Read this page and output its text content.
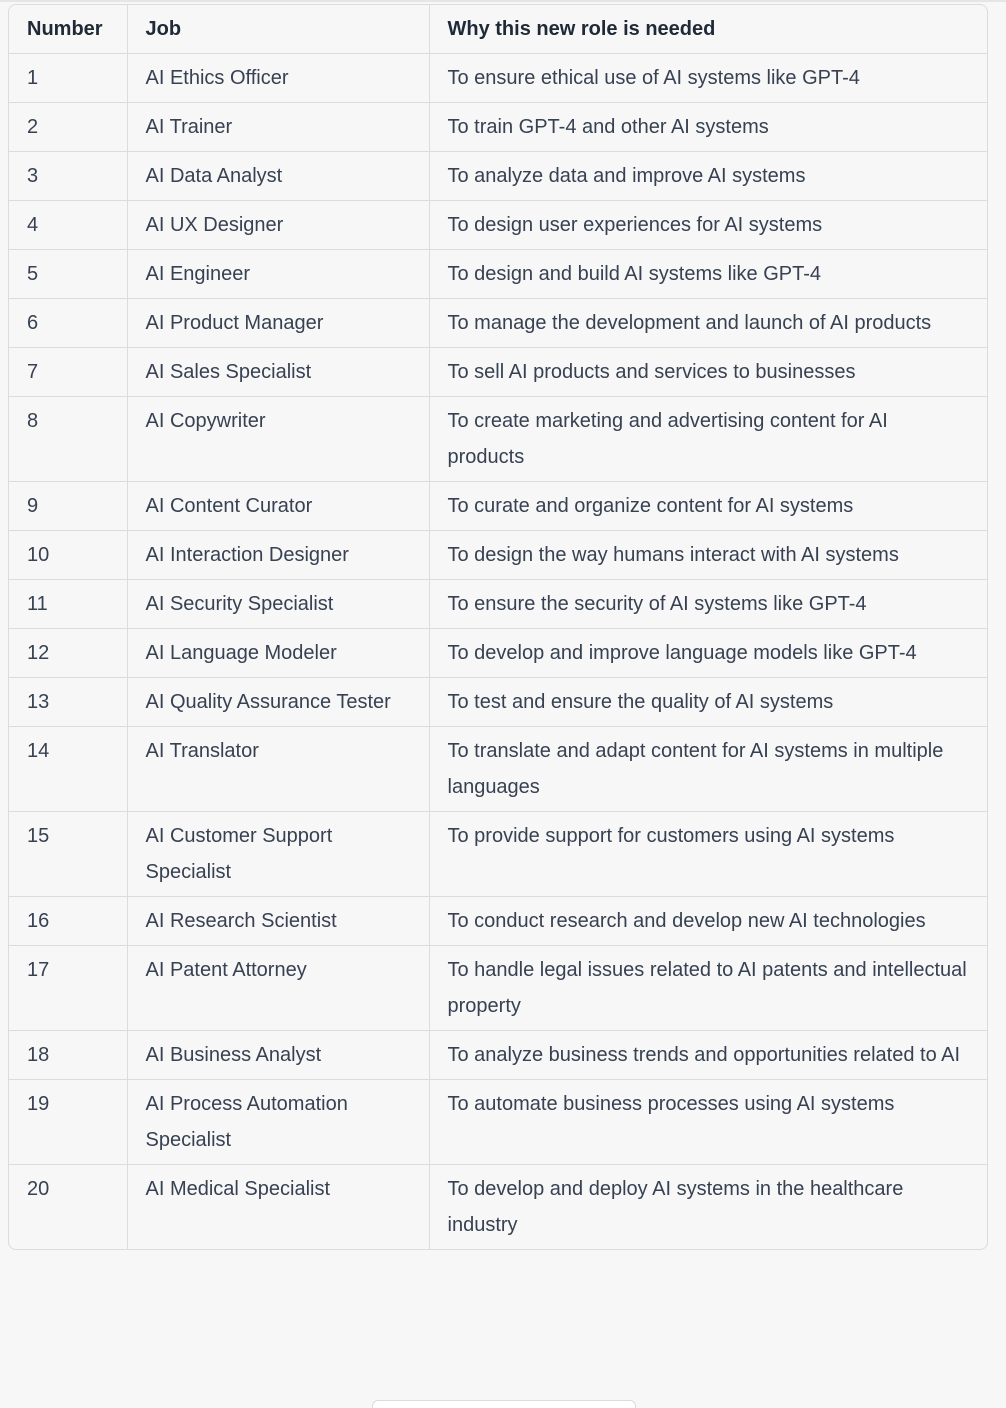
Number	Job	Why this new role is needed
1	AI Ethics Officer	To ensure ethical use of AI systems like GPT-4
2	AI Trainer	To train GPT-4 and other AI systems
3	AI Data Analyst	To analyze data and improve AI systems
4	AI UX Designer	To design user experiences for AI systems
5	AI Engineer	To design and build AI systems like GPT-4
6	AI Product Manager	To manage the development and launch of AI products
7	AI Sales Specialist	To sell AI products and services to businesses
8	AI Copywriter	To create marketing and advertising content for AI products
9	AI Content Curator	To curate and organize content for AI systems
10	AI Interaction Designer	To design the way humans interact with AI systems
11	AI Security Specialist	To ensure the security of AI systems like GPT-4
12	AI Language Modeler	To develop and improve language models like GPT-4
13	AI Quality Assurance Tester	To test and ensure the quality of AI systems
14	AI Translator	To translate and adapt content for AI systems in multiple languages
15	AI Customer Support Specialist	To provide support for customers using AI systems
16	AI Research Scientist	To conduct research and develop new AI technologies
17	AI Patent Attorney	To handle legal issues related to AI patents and intellectual property
18	AI Business Analyst	To analyze business trends and opportunities related to AI
19	AI Process Automation Specialist	To automate business processes using AI systems
20	AI Medical Specialist	To develop and deploy AI systems in the healthcare industry
